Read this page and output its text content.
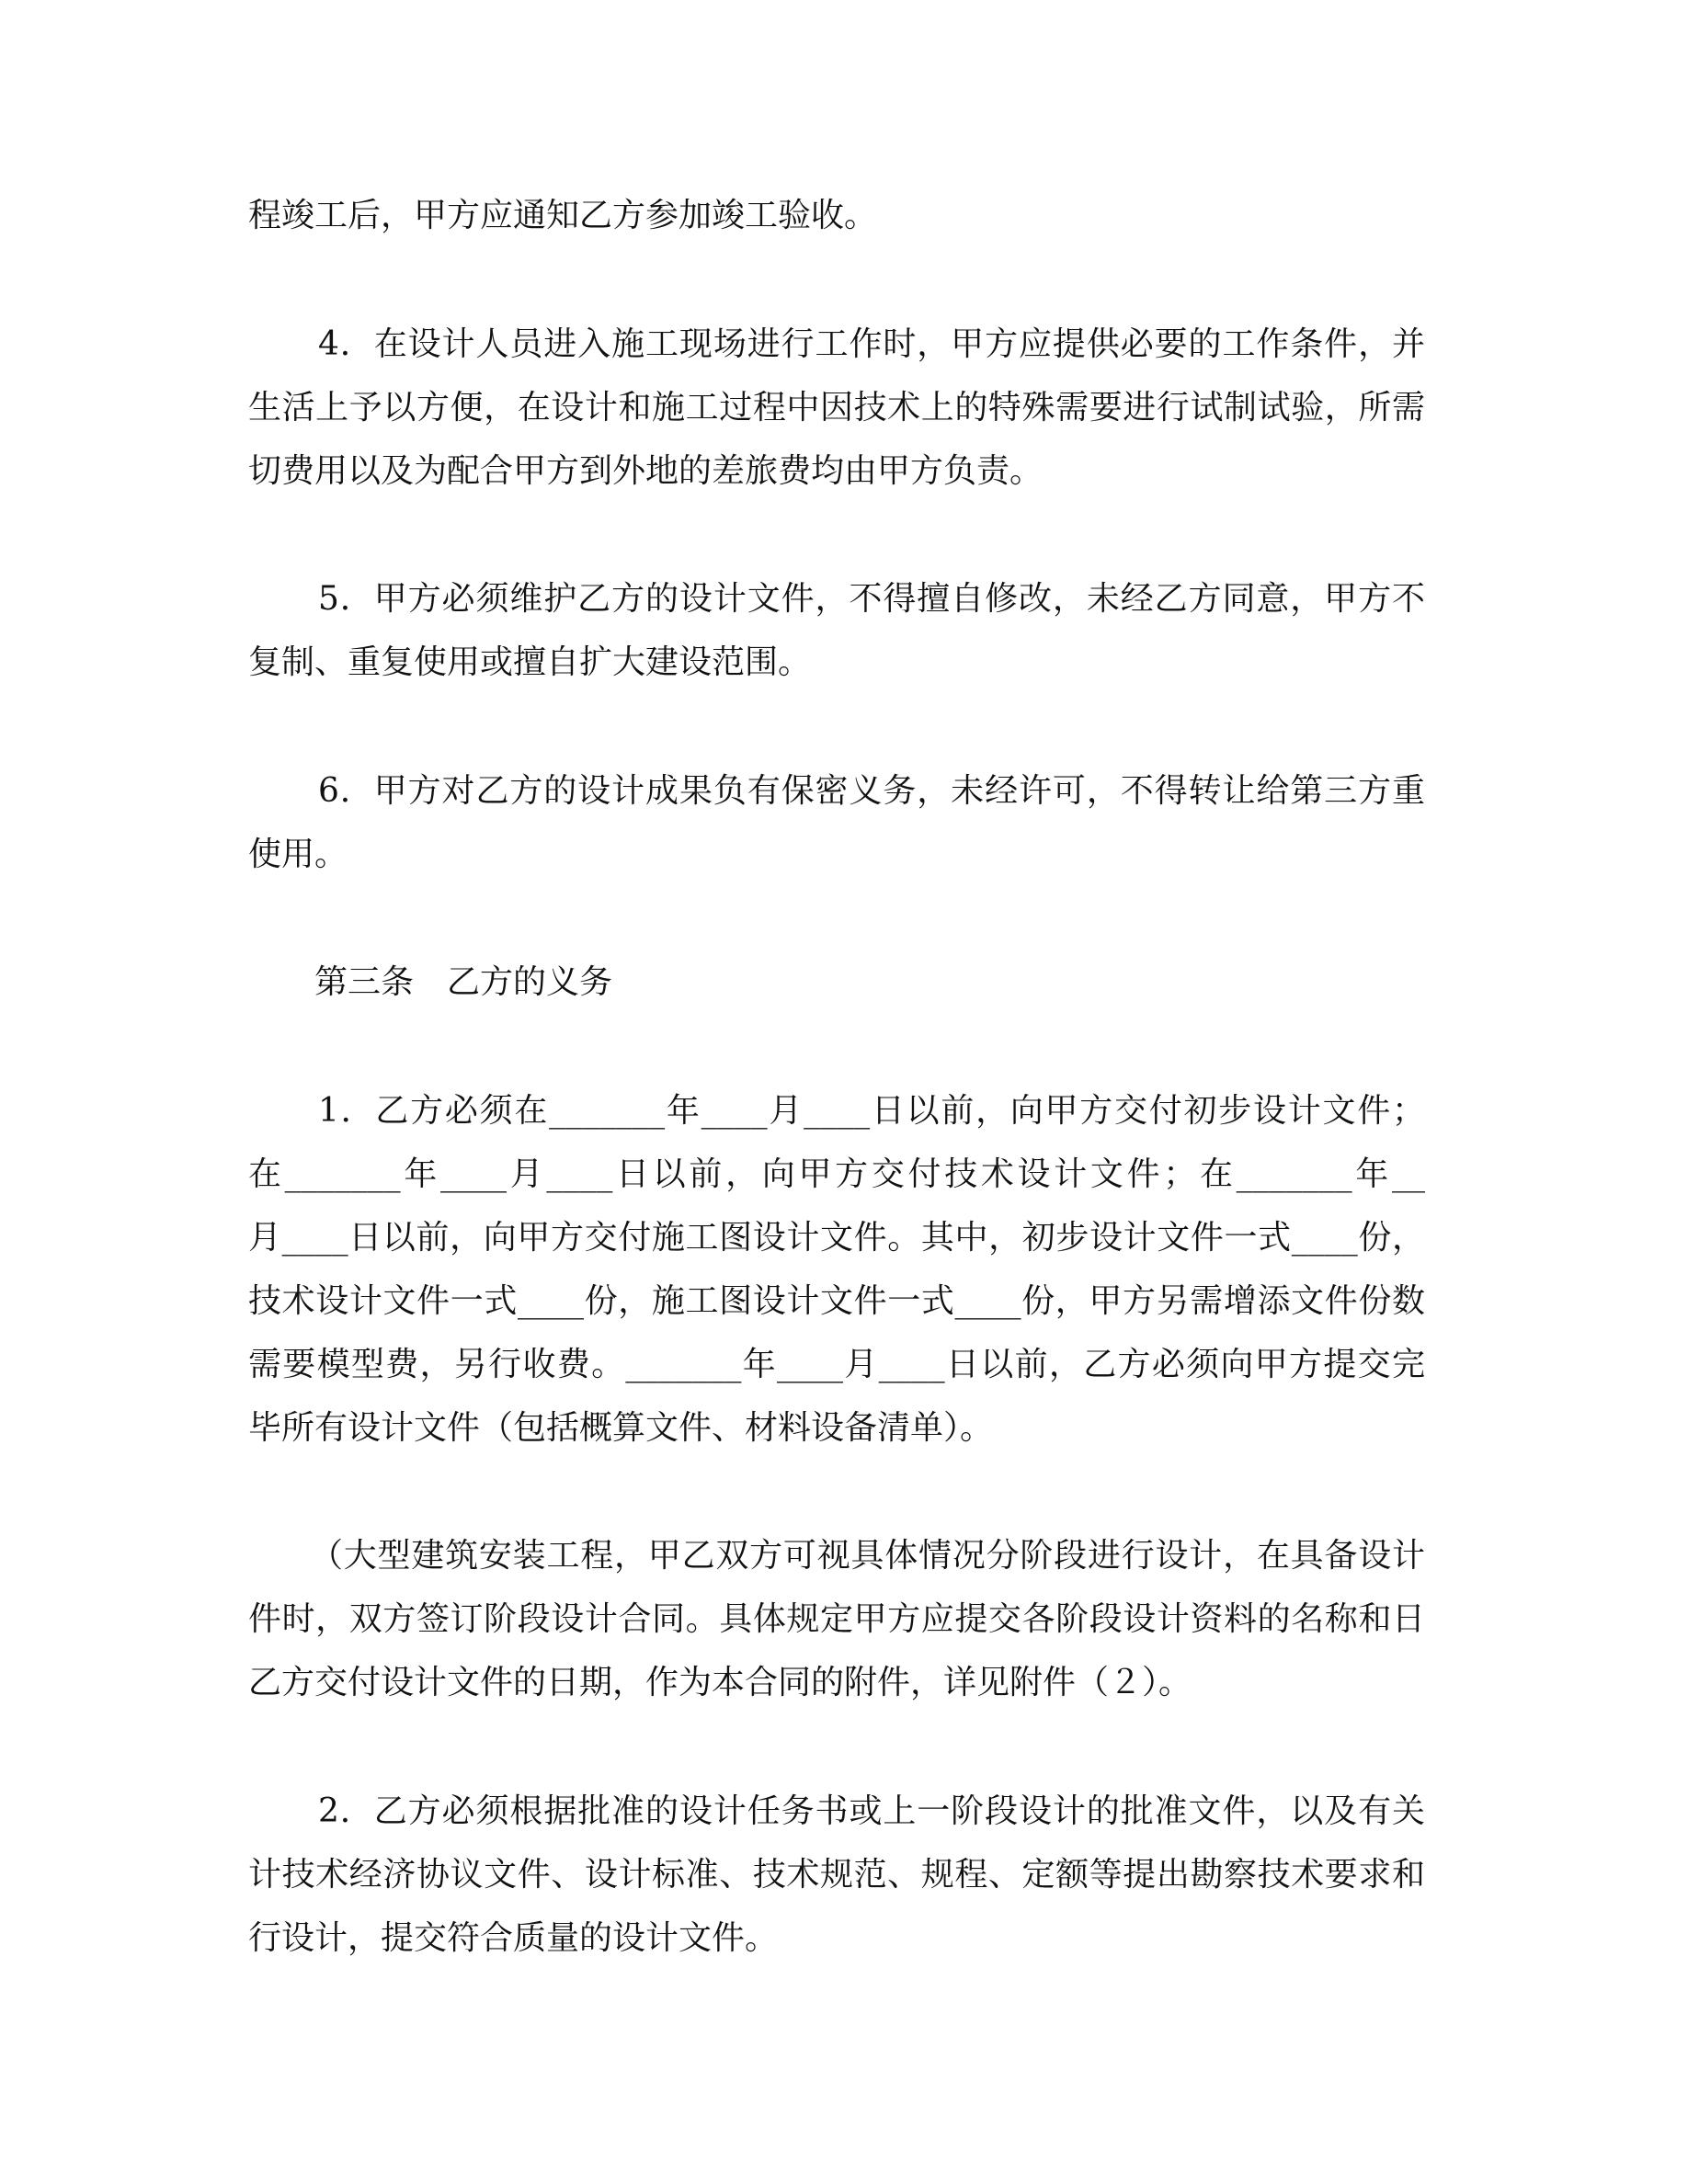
程竣工后，甲方应通知乙方参加竣工验收。
4．在设计人员进入施工现场进行工作时，甲方应提供必要的工作条件，并
生活上予以方便，在设计和施工过程中因技术上的特殊需要进行试制试验，所需
切费用以及为配合甲方到外地的差旅费均由甲方负责。
5．甲方必须维护乙方的设计文件，不得擅自修改，未经乙方同意，甲方不
复制、重复使用或擅自扩大建设范围。
6．甲方对乙方的设计成果负有保密义务，未经许可，不得转让给第三方重
使用。
第三条　乙方的义务
1．乙方必须在_______年____月____日以前，向甲方交付初步设计文件；
在_______年____月____日以前，向甲方交付技术设计文件；在_______年__
月____日以前，向甲方交付施工图设计文件。其中，初步设计文件一式____份，
技术设计文件一式____份，施工图设计文件一式____份，甲方另需增添文件份数
需要模型费，另行收费。_______年____月____日以前，乙方必须向甲方提交完
毕所有设计文件（包括概算文件、材料设备清单）。
（大型建筑安装工程，甲乙双方可视具体情况分阶段进行设计，在具备设计
件时，双方签订阶段设计合同。具体规定甲方应提交各阶段设计资料的名称和日
乙方交付设计文件的日期，作为本合同的附件，详见附件（２）。
2．乙方必须根据批准的设计任务书或上一阶段设计的批准文件，以及有关
计技术经济协议文件、设计标准、技术规范、规程、定额等提出勘察技术要求和
行设计，提交符合质量的设计文件。
